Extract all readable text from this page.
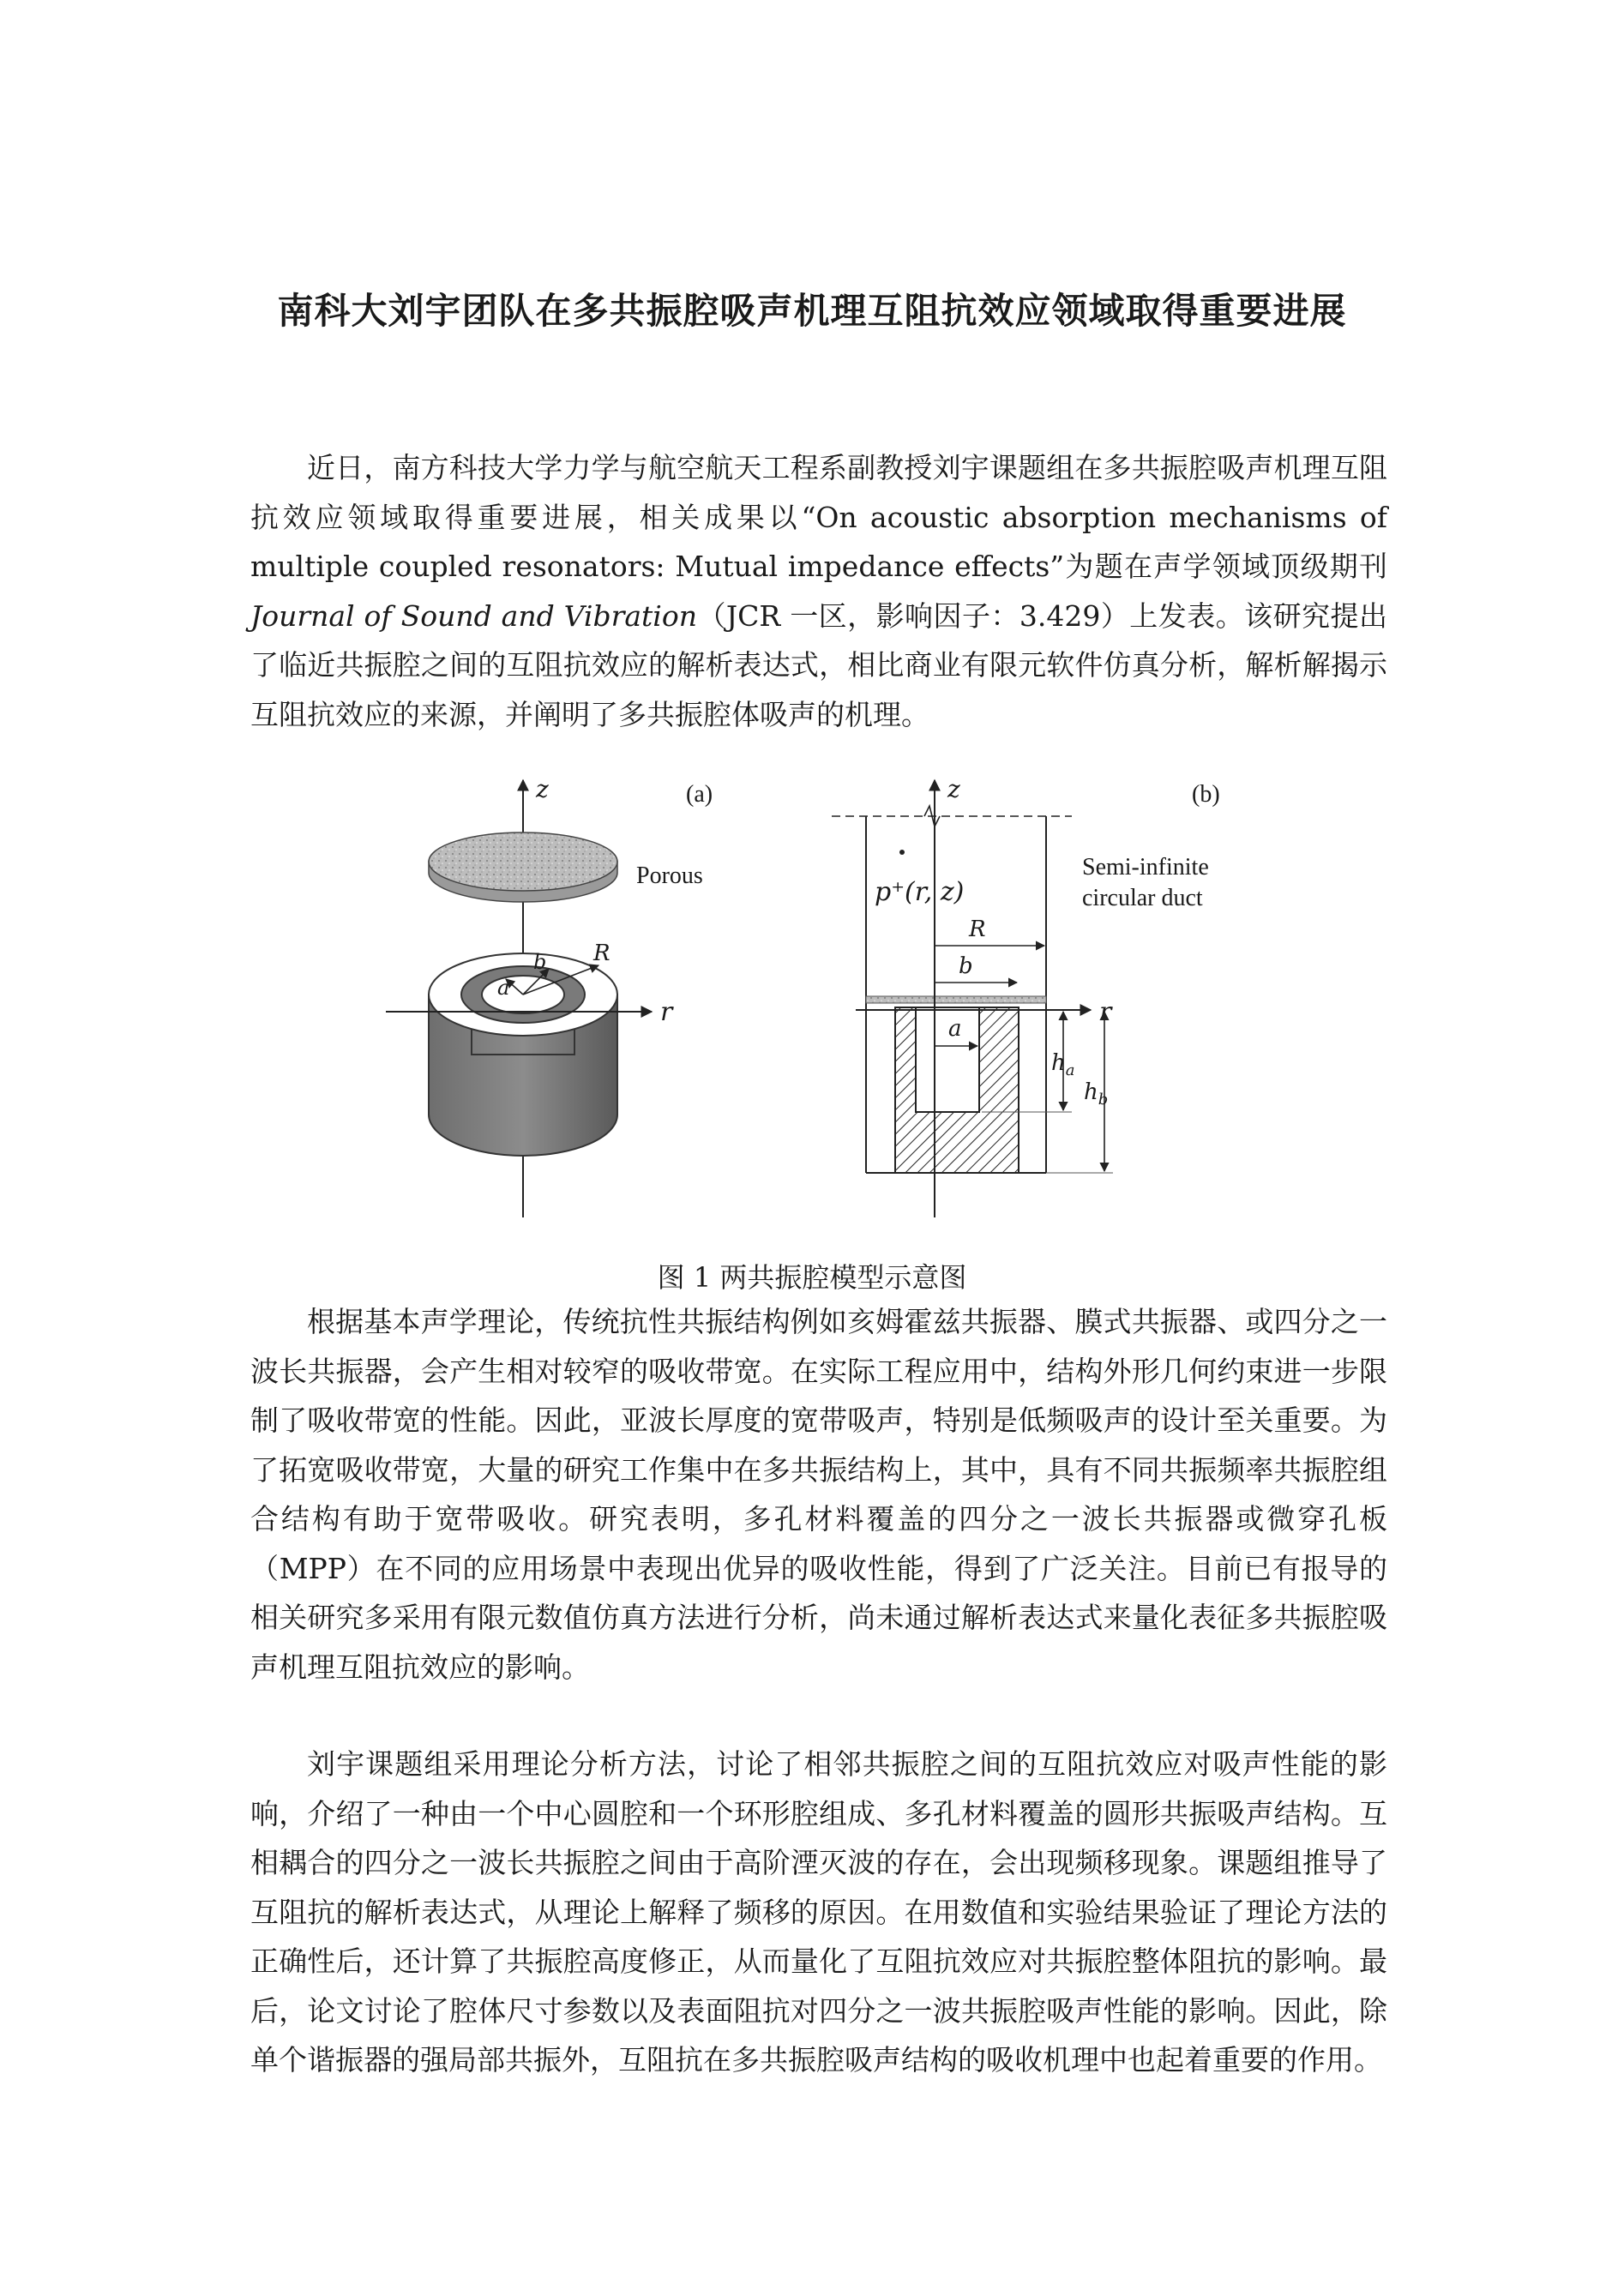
南科大刘宇团队在多共振腔吸声机理互阻抗效应领域取得重要进展

近日，南方科技大学力学与航空航天工程系副教授刘宇课题组在多共振腔吸声机理互阻抗效应领域取得重要进展，相关成果以“On acoustic absorption mechanisms of multiple coupled resonators: Mutual impedance effects”为题在声学领域顶级期刊Journal of Sound and Vibration（JCR 一区，影响因子：3.429）上发表。该研究提出了临近共振腔之间的互阻抗效应的解析表达式，相比商业有限元软件仿真分析，解析解揭示互阻抗效应的来源，并阐明了多共振腔体吸声的机理。

(a)
z
Porous
r
a
b R
(b)
z
r
p⁺(r, z)
Semi-infinite
circular duct
R
b
a
$h_a$
$h_b$
图 1 两共振腔模型示意图

根据基本声学理论，传统抗性共振结构例如亥姆霍兹共振器、膜式共振器、或四分之一波长共振器，会产生相对较窄的吸收带宽。在实际工程应用中，结构外形几何约束进一步限制了吸收带宽的性能。因此，亚波长厚度的宽带吸声，特别是低频吸声的设计至关重要。为了拓宽吸收带宽，大量的研究工作集中在多共振结构上，其中，具有不同共振频率共振腔组合结构有助于宽带吸收。研究表明，多孔材料覆盖的四分之一波长共振器或微穿孔板（MPP）在不同的应用场景中表现出优异的吸收性能，得到了广泛关注。目前已有报导的相关研究多采用有限元数值仿真方法进行分析，尚未通过解析表达式来量化表征多共振腔吸声机理互阻抗效应的影响。

刘宇课题组采用理论分析方法，讨论了相邻共振腔之间的互阻抗效应对吸声性能的影响，介绍了一种由一个中心圆腔和一个环形腔组成、多孔材料覆盖的圆形共振吸声结构。互相耦合的四分之一波长共振腔之间由于高阶湮灭波的存在，会出现频移现象。课题组推导了互阻抗的解析表达式，从理论上解释了频移的原因。在用数值和实验结果验证了理论方法的正确性后，还计算了共振腔高度修正，从而量化了互阻抗效应对共振腔整体阻抗的影响。最后，论文讨论了腔体尺寸参数以及表面阻抗对四分之一波共振腔吸声性能的影响。因此，除单个谐振器的强局部共振外，互阻抗在多共振腔吸声结构的吸收机理中也起着重要的作用。
